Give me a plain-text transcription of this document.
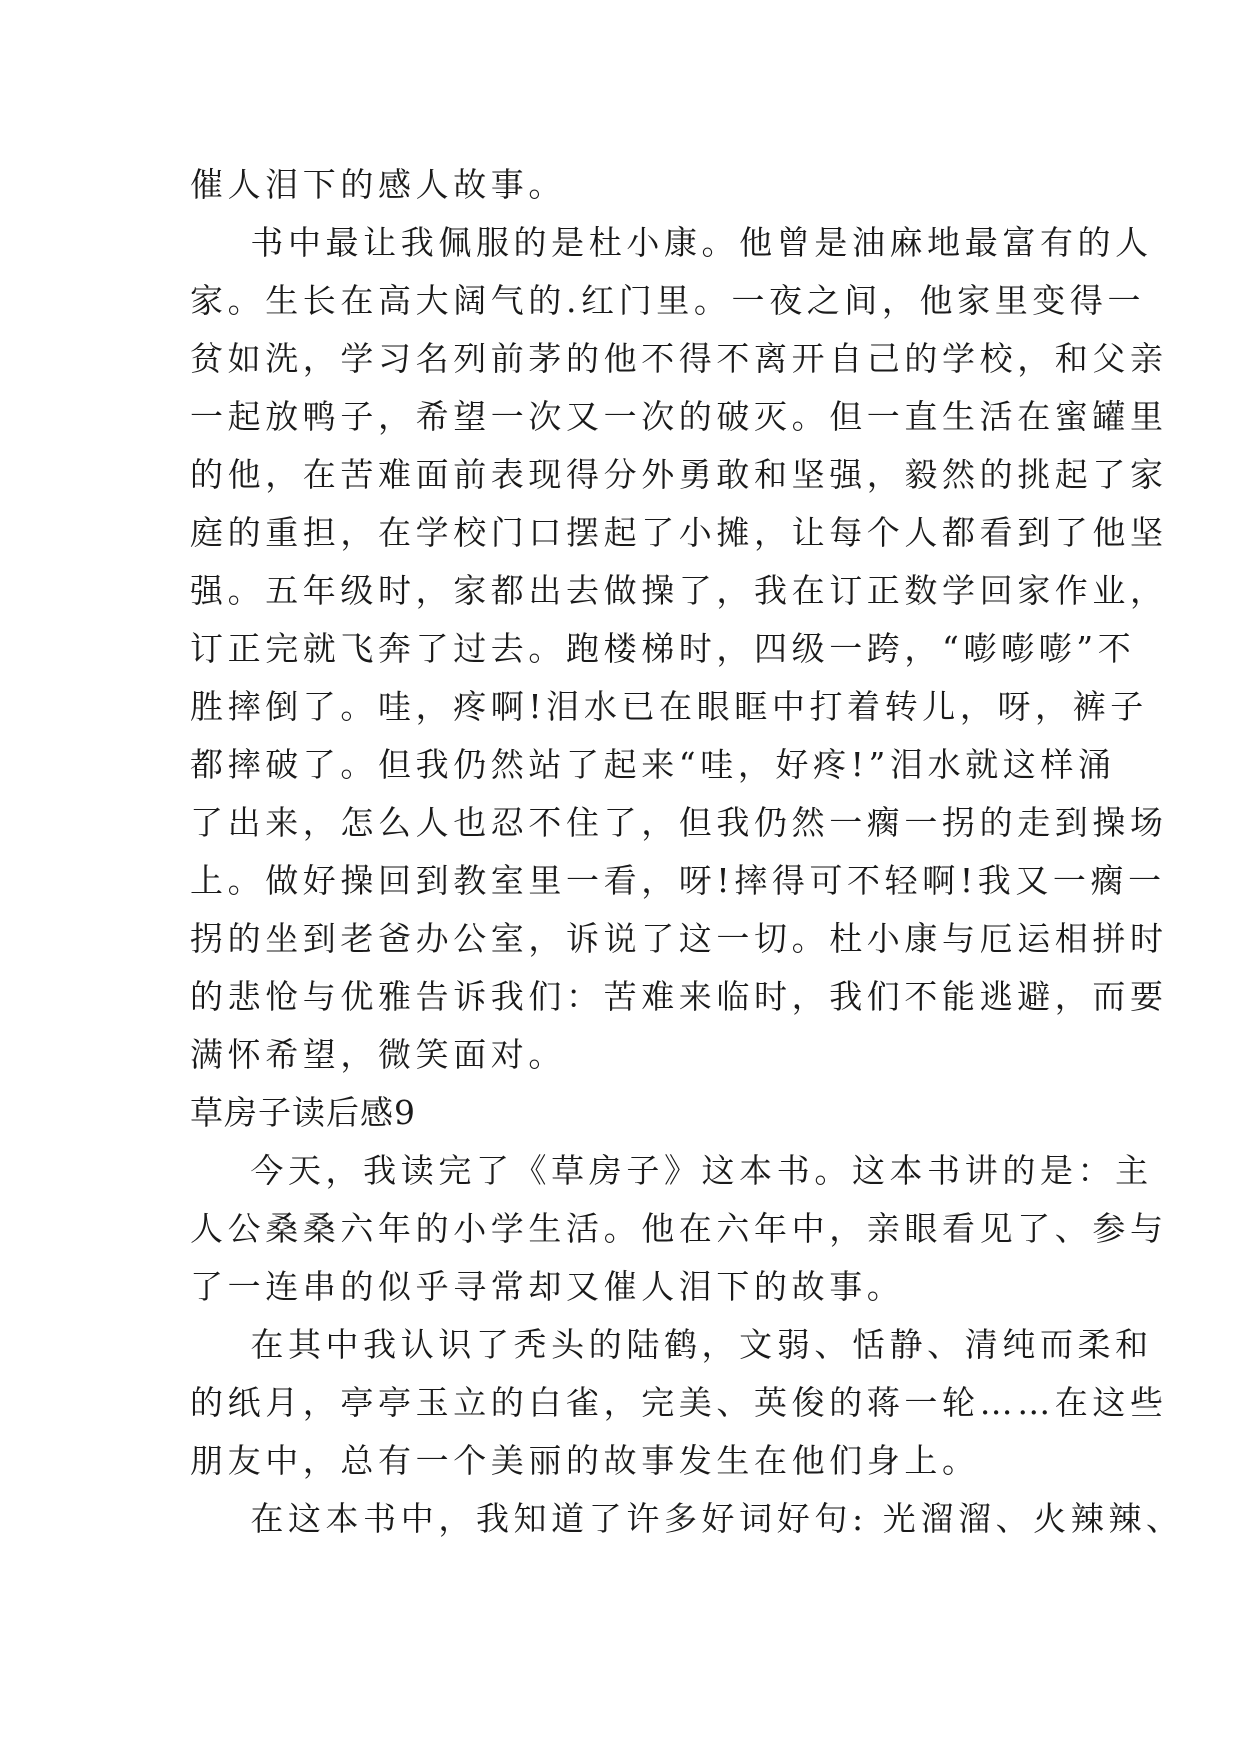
催人泪下的感人故事。
书中最让我佩服的是杜小康。他曾是油麻地最富有的人
家。生长在高大阔气的.红门里。一夜之间，他家里变得一
贫如洗，学习名列前茅的他不得不离开自己的学校，和父亲
一起放鸭子，希望一次又一次的破灭。但一直生活在蜜罐里
的他，在苦难面前表现得分外勇敢和坚强，毅然的挑起了家
庭的重担，在学校门口摆起了小摊，让每个人都看到了他坚
强。五年级时，家都出去做操了，我在订正数学回家作业，
订正完就飞奔了过去。跑楼梯时，四级一跨，“嘭嘭嘭”不
胜摔倒了。哇，疼啊!泪水已在眼眶中打着转儿，呀，裤子
都摔破了。但我仍然站了起来“哇，好疼!”泪水就这样涌
了出来，怎么人也忍不住了，但我仍然一瘸一拐的走到操场
上。做好操回到教室里一看，呀!摔得可不轻啊!我又一瘸一
拐的坐到老爸办公室，诉说了这一切。杜小康与厄运相拼时
的悲怆与优雅告诉我们：苦难来临时，我们不能逃避，而要
满怀希望，微笑面对。
草房子读后感9
今天，我读完了《草房子》这本书。这本书讲的是：主
人公桑桑六年的小学生活。他在六年中，亲眼看见了、参与
了一连串的似乎寻常却又催人泪下的故事。
在其中我认识了秃头的陆鹤，文弱、恬静、清纯而柔和
的纸月，亭亭玉立的白雀，完美、英俊的蒋一轮……在这些
朋友中，总有一个美丽的故事发生在他们身上。
在这本书中，我知道了许多好词好句: 光溜溜、火辣辣、
